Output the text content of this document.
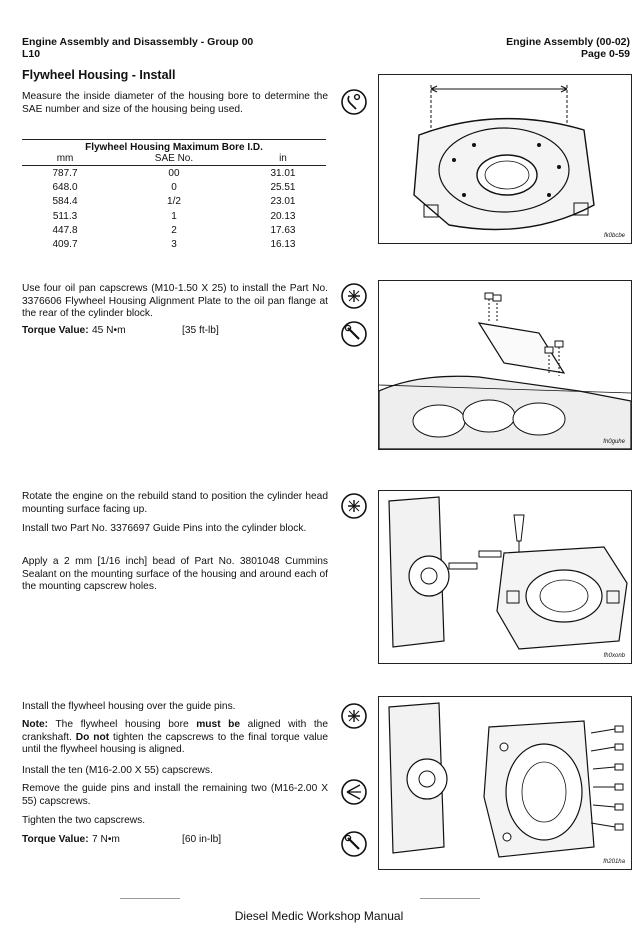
Engine Assembly and Disassembly - Group 00
L10
Engine Assembly (00-02)
Page 0-59
Flywheel Housing - Install
Measure the inside diameter of the housing bore to determine the SAE number and size of the housing being used.
Flywheel Housing Maximum Bore I.D.
mm	SAE No.	in
787.7	00	31.01
648.0	0	25.51
584.4	1/2	23.01
511.3	1	20.13
447.8	2	17.63
409.7	3	16.13
fk0bcbe
Use four oil pan capscrews (M10-1.50 X 25) to install the Part No. 3376606 Flywheel Housing Alignment Plate to the oil pan flange at the rear of the cylinder block.
Torque Value: 45 N•m	[35 ft-lb]
fn0guhe
Rotate the engine on the rebuild stand to position the cylinder head mounting surface facing up.
Install two Part No. 3376697 Guide Pins into the cylinder block.
Apply a 2 mm [1/16 inch] bead of Part No. 3801048 Cummins Sealant on the mounting surface of the housing and around each of the mounting capscrew holes.
fh0xonb
Install the flywheel housing over the guide pins.
Note: The flywheel housing bore must be aligned with the crankshaft. Do not tighten the capscrews to the final torque value until the flywheel housing is aligned.
Install the ten (M16-2.00 X 55) capscrews.
Remove the guide pins and install the remaining two (M16-2.00 X 55) capscrews.
Tighten the two capscrews.
Torque Value: 7 N•m	[60 in-lb]
fh201ha
Diesel Medic Workshop Manual
